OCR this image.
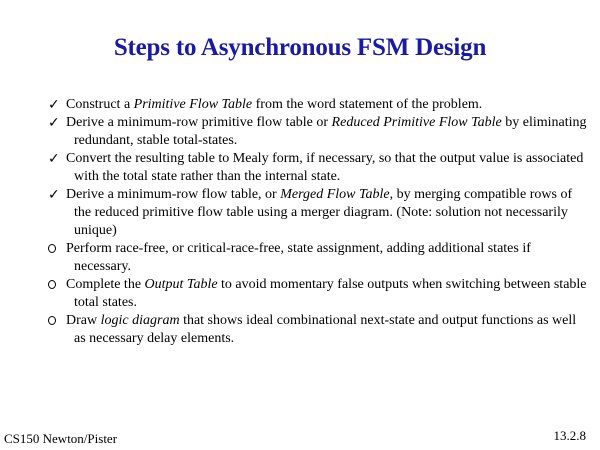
Steps to Asynchronous FSM Design
✓ Construct a Primitive Flow Table from the word statement of the problem.
✓ Derive a minimum-row primitive flow table or Reduced Primitive Flow Table by eliminating redundant, stable total-states.
✓ Convert the resulting table to Mealy form, if necessary, so that the output value is associated with the total state rather than the internal state.
✓ Derive a minimum-row flow table, or Merged Flow Table, by merging compatible rows of the reduced primitive flow table using a merger diagram. (Note: solution not necessarily unique)
Perform race-free, or critical-race-free, state assignment, adding additional states if necessary.
Complete the Output Table to avoid momentary false outputs when switching between stable total states.
Draw logic diagram that shows ideal combinational next-state and output functions as well as necessary delay elements.
CS150 Newton/Pister	13.2.8
